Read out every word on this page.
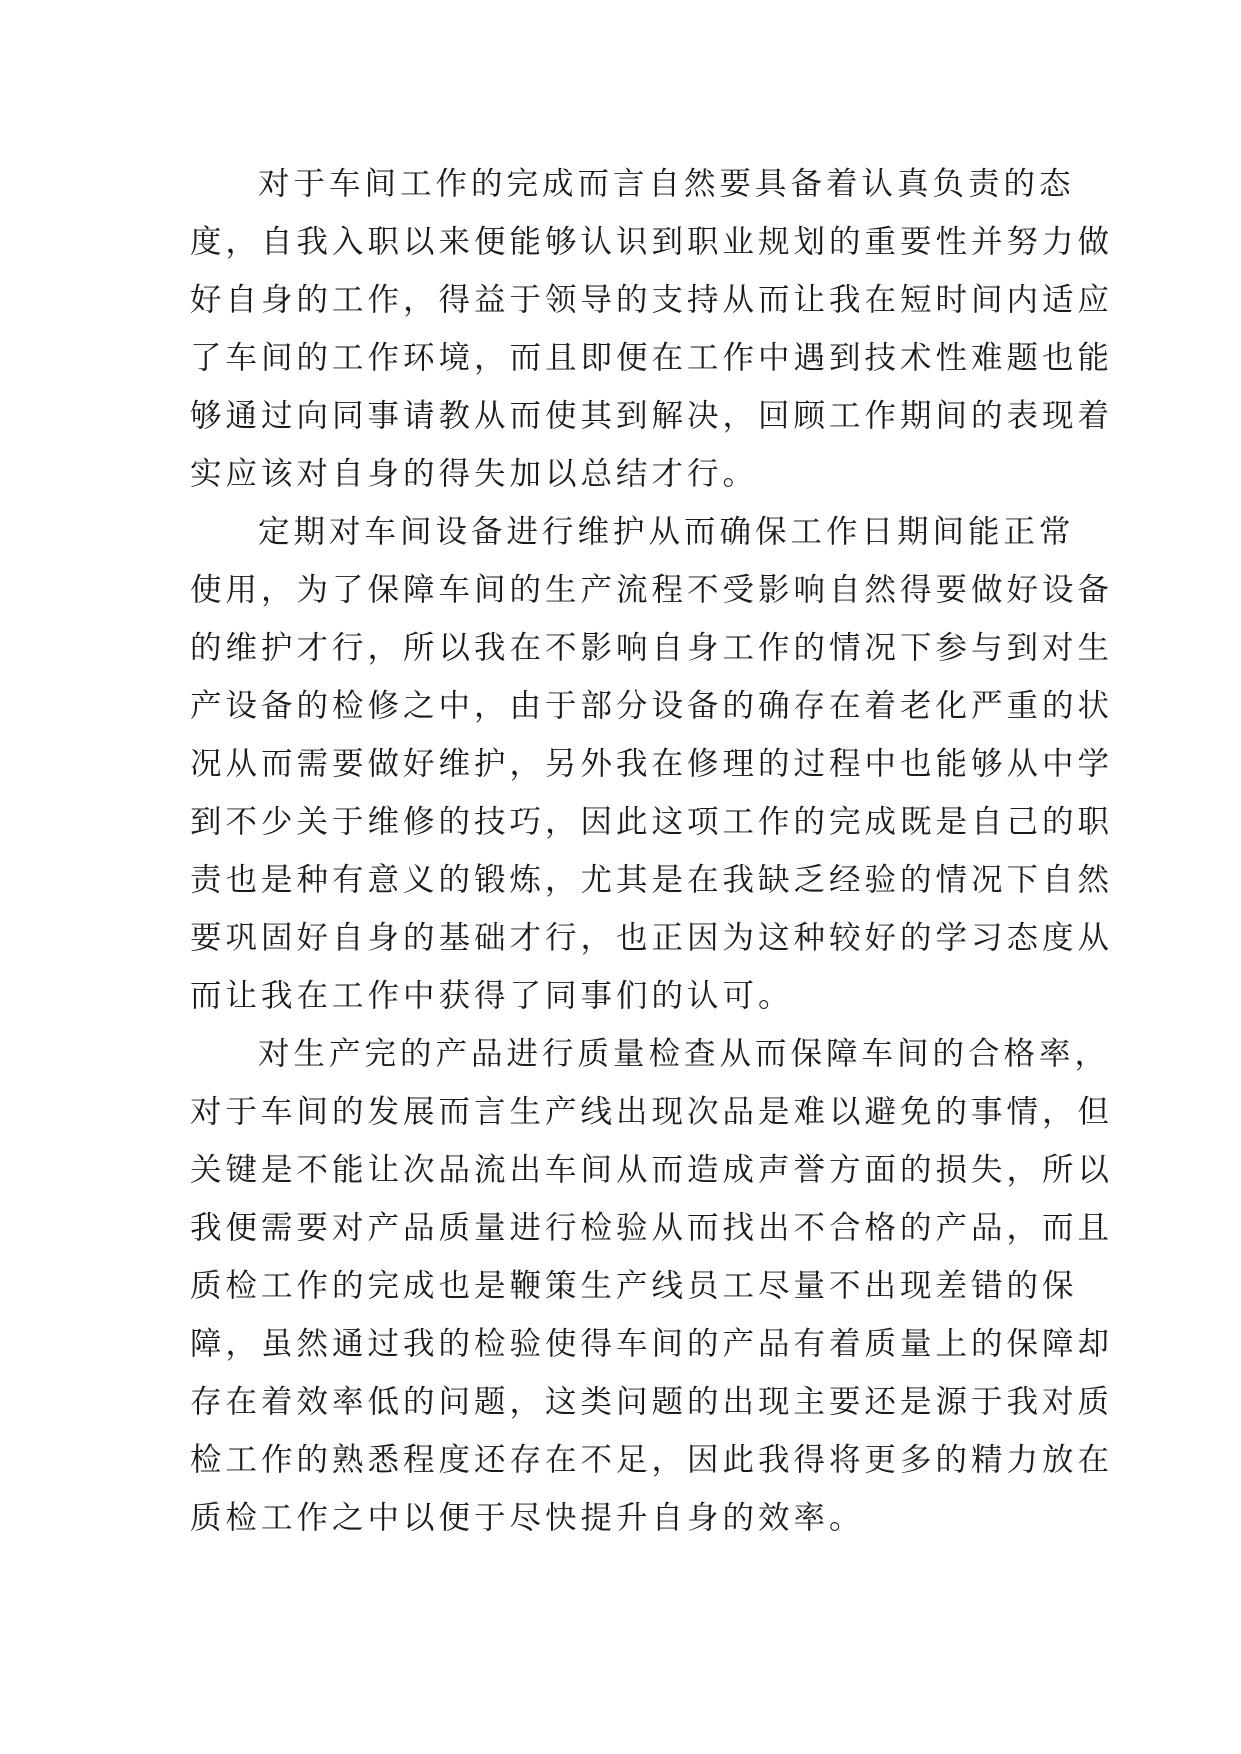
对于车间工作的完成而言自然要具备着认真负责的态
度，自我入职以来便能够认识到职业规划的重要性并努力做
好自身的工作，得益于领导的支持从而让我在短时间内适应
了车间的工作环境，而且即便在工作中遇到技术性难题也能
够通过向同事请教从而使其到解决，回顾工作期间的表现着
实应该对自身的得失加以总结才行。

定期对车间设备进行维护从而确保工作日期间能正常
使用，为了保障车间的生产流程不受影响自然得要做好设备
的维护才行，所以我在不影响自身工作的情况下参与到对生
产设备的检修之中，由于部分设备的确存在着老化严重的状
况从而需要做好维护，另外我在修理的过程中也能够从中学
到不少关于维修的技巧，因此这项工作的完成既是自己的职
责也是种有意义的锻炼，尤其是在我缺乏经验的情况下自然
要巩固好自身的基础才行，也正因为这种较好的学习态度从
而让我在工作中获得了同事们的认可。

对生产完的产品进行质量检查从而保障车间的合格率，
对于车间的发展而言生产线出现次品是难以避免的事情，但
关键是不能让次品流出车间从而造成声誉方面的损失，所以
我便需要对产品质量进行检验从而找出不合格的产品，而且
质检工作的完成也是鞭策生产线员工尽量不出现差错的保
障，虽然通过我的检验使得车间的产品有着质量上的保障却
存在着效率低的问题，这类问题的出现主要还是源于我对质
检工作的熟悉程度还存在不足，因此我得将更多的精力放在
质检工作之中以便于尽快提升自身的效率。
